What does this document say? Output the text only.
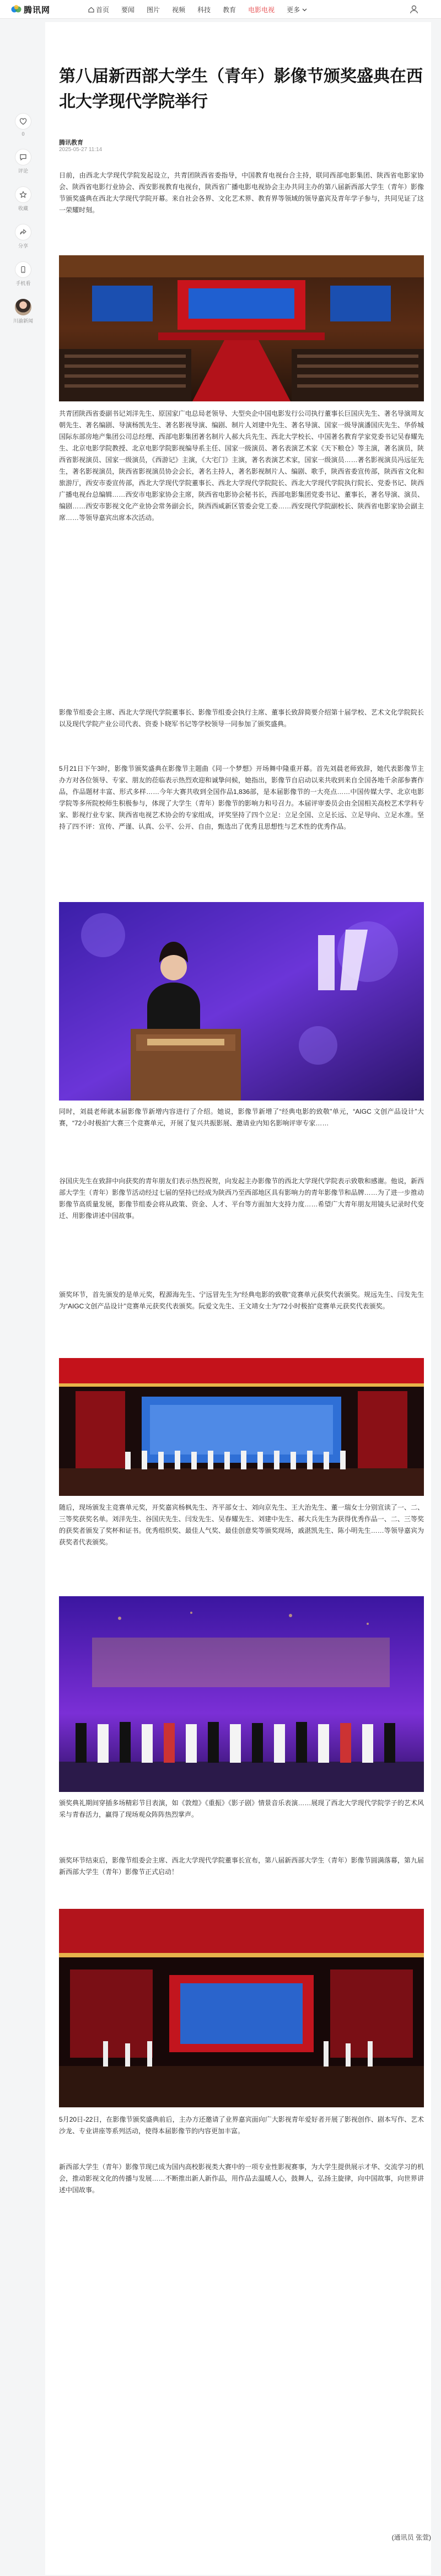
腾讯网	首页 要闻 图片 视频 科技 教育 电影电视 更多
0
评论
收藏
分享
手机看
川渝新闻
第八届新西部大学生（青年）影像节颁奖盛典在西北大学现代学院举行
腾讯教育
2025-05-27 11:14

日前，由西北大学现代学院发起设立，共青团陕西省委指导，中国教育电视台合主持，联同西部电影集团、陕西省电影家协会、陕西省电影行业协会、西安影视教育电视台，陕西省广播电影电视协会主办共同主办的第八届新西部大学生（青年）影像节颁奖盛典在西北大学现代学院开幕。来自社会各界、文化艺术界、教育界等领域的领导嘉宾及青年学子参与，共同见证了这一荣耀时刻。

共青团陕西省委副书记刘洋先生、原国家广电总局老领导、大型央企中国电影发行公司执行董事长巨国庆先生、著名导演周友朝先生、著名编剧、导演杨凯先生、著名影视导演、编剧、制片人刘建中先生、著名导演、国家一级导演潘国庆先生、华侨城国际东部房地产集团公司总经理、西部电影集团著名制片人郝大兵先生、西北大学校长、中国著名教育学家党委书记吴春耀先生、北京电影学院教授、北京电影学院影视编导系主任、国家一级演员、著名表演艺术家《天下粮仓》等主演，著名演员，陕西省影视演员、国家一级演员，《西游记》主演，《大宅门》主演，著名表演艺术家，国家一级演员……著名影视演员冯远征先生，著名影视演员，陕西省影视演员协会会长，著名主持人，著名影视制片人、编剧、歌手，陕西省委宣传部，陕西省文化和旅游厅，西安市委宣传部，西北大学现代学院董事长、西北大学现代学院院长、西北大学现代学院执行院长、党委书记、陕西广播电视台总编辑……西安市电影家协会主席，陕西省电影协会秘书长，西部电影集团党委书记、董事长，著名导演、演员、编剧……西安市影视文化产业协会常务副会长，陕西西咸新区管委会党工委……西安现代学院副校长、陕西省电影家协会副主席……等领导嘉宾出席本次活动。

影像节组委会主席、西北大学现代学院董事长、影像节组委会执行主席、董事长致辞简要介绍第十届学校、艺术文化学院院长以及现代学院产业公司代表、资委卜晓军书记等学校领导一同参加了颁奖盛典。

5月21日下午3时，影像节颁奖盛典在影像节主题曲《同一个梦想》开场舞中隆重开幕。首先刘晨老师致辞，她代表影像节主办方对各位领导、专家、朋友的莅临表示热烈欢迎和诚挚问候，她指出，影像节自启动以来共收到来自全国各地千余部参赛作品，作品题材丰富、形式多样……今年大赛共收到全国作品1,836部，是本届影像节的一大亮点……中国传媒大学、北京电影学院等多所院校师生积极参与，体现了大学生（青年）影像节的影响力和号召力。本届评审委员会由全国相关高校艺术学科专家、影视行业专家、陕西省电视艺术协会的专家组成，评奖坚持了四个立足：立足全国、立足长远、立足导向、立足水准。坚持了四不评：宣传、严谨、认真、公平、公开、自由，甄选出了优秀且思想性与艺术性的优秀作品。

同时，刘晨老师就本届影像节新增内容进行了介绍。她说，影像节新增了“经典电影的致敬”单元，“AIGC 文创产品设计”大赛，“72小时极拍”大赛三个竞赛单元，开展了复兴共振影展、邀请业内知名影响评审专家……

谷国庆先生在致辞中向获奖的青年朋友们表示热烈祝贺，向发起主办影像节的西北大学现代学院表示致敬和感谢。他说，新西部大学生（青年）影像节活动经过七届的坚持已经成为陕西乃至西部地区具有影响力的青年影像节和品牌……为了进一步推动影像节高质量发展，影像节组委会将从政策、资金、人才、平台等方面加大支持力度……希望广大青年朋友用镜头记录时代变迁、用影像讲述中国故事。

颁奖环节，首先颁发的是单元奖，程源海先生、宁远冒先生为“经典电影的致敬”竞赛单元获奖代表颁奖。规远先生、闫发先生为“AIGC文创产品设计”竞赛单元获奖代表颁奖。阮爱文先生、王文靖女士为“72小时极拍”竞赛单元获奖代表颁奖。

随后，现场颁发主竞赛单元奖，开奖嘉宾杨枫先生、齐平部女士、刘向京先生、王大治先生、董一瑞女士分别宣读了一、二、三等奖获奖名单。刘洋先生、谷国庆先生、闫发先生、吴春耀先生、刘建中先生、郝大兵先生为获得优秀作品一、二、三等奖的获奖者颁发了奖杯和证书。优秀组织奖、最佳人气奖、最佳创意奖等颁奖现场，戚湛凯先生、陈小明先生……等领导嘉宾为获奖者代表颁奖。

颁奖典礼期间穿插多场精彩节目表演，如《敦煌》《重振》《影子剧》情景音乐表演……展现了西北大学现代学院学子的艺术风采与青春活力，赢得了现场观众阵阵热烈掌声。

颁奖环节结束后，影像节组委会主席、西北大学现代学院董事长宣布，第八届新西部大学生（青年）影像节圆满落幕，第九届新西部大学生（青年）影像节正式启动！

5月20日-22日，在影像节颁奖盛典前后，主办方还邀请了业界嘉宾面向广大影视青年爱好者开展了影视创作、剧本写作、艺术沙龙、专业讲座等系列活动，使得本届影像节的内容更加丰富。

新西部大学生（青年）影像节现已成为国内高校影视类大赛中的一项专业性影视赛事，为大学生提供展示才华、交流学习的机会，推动影视文化的传播与发展……不断推出新人新作品，用作品去温暖人心，鼓舞人，弘扬主旋律，向中国故事，向世界讲述中国故事。

(通讯员 张萱)
